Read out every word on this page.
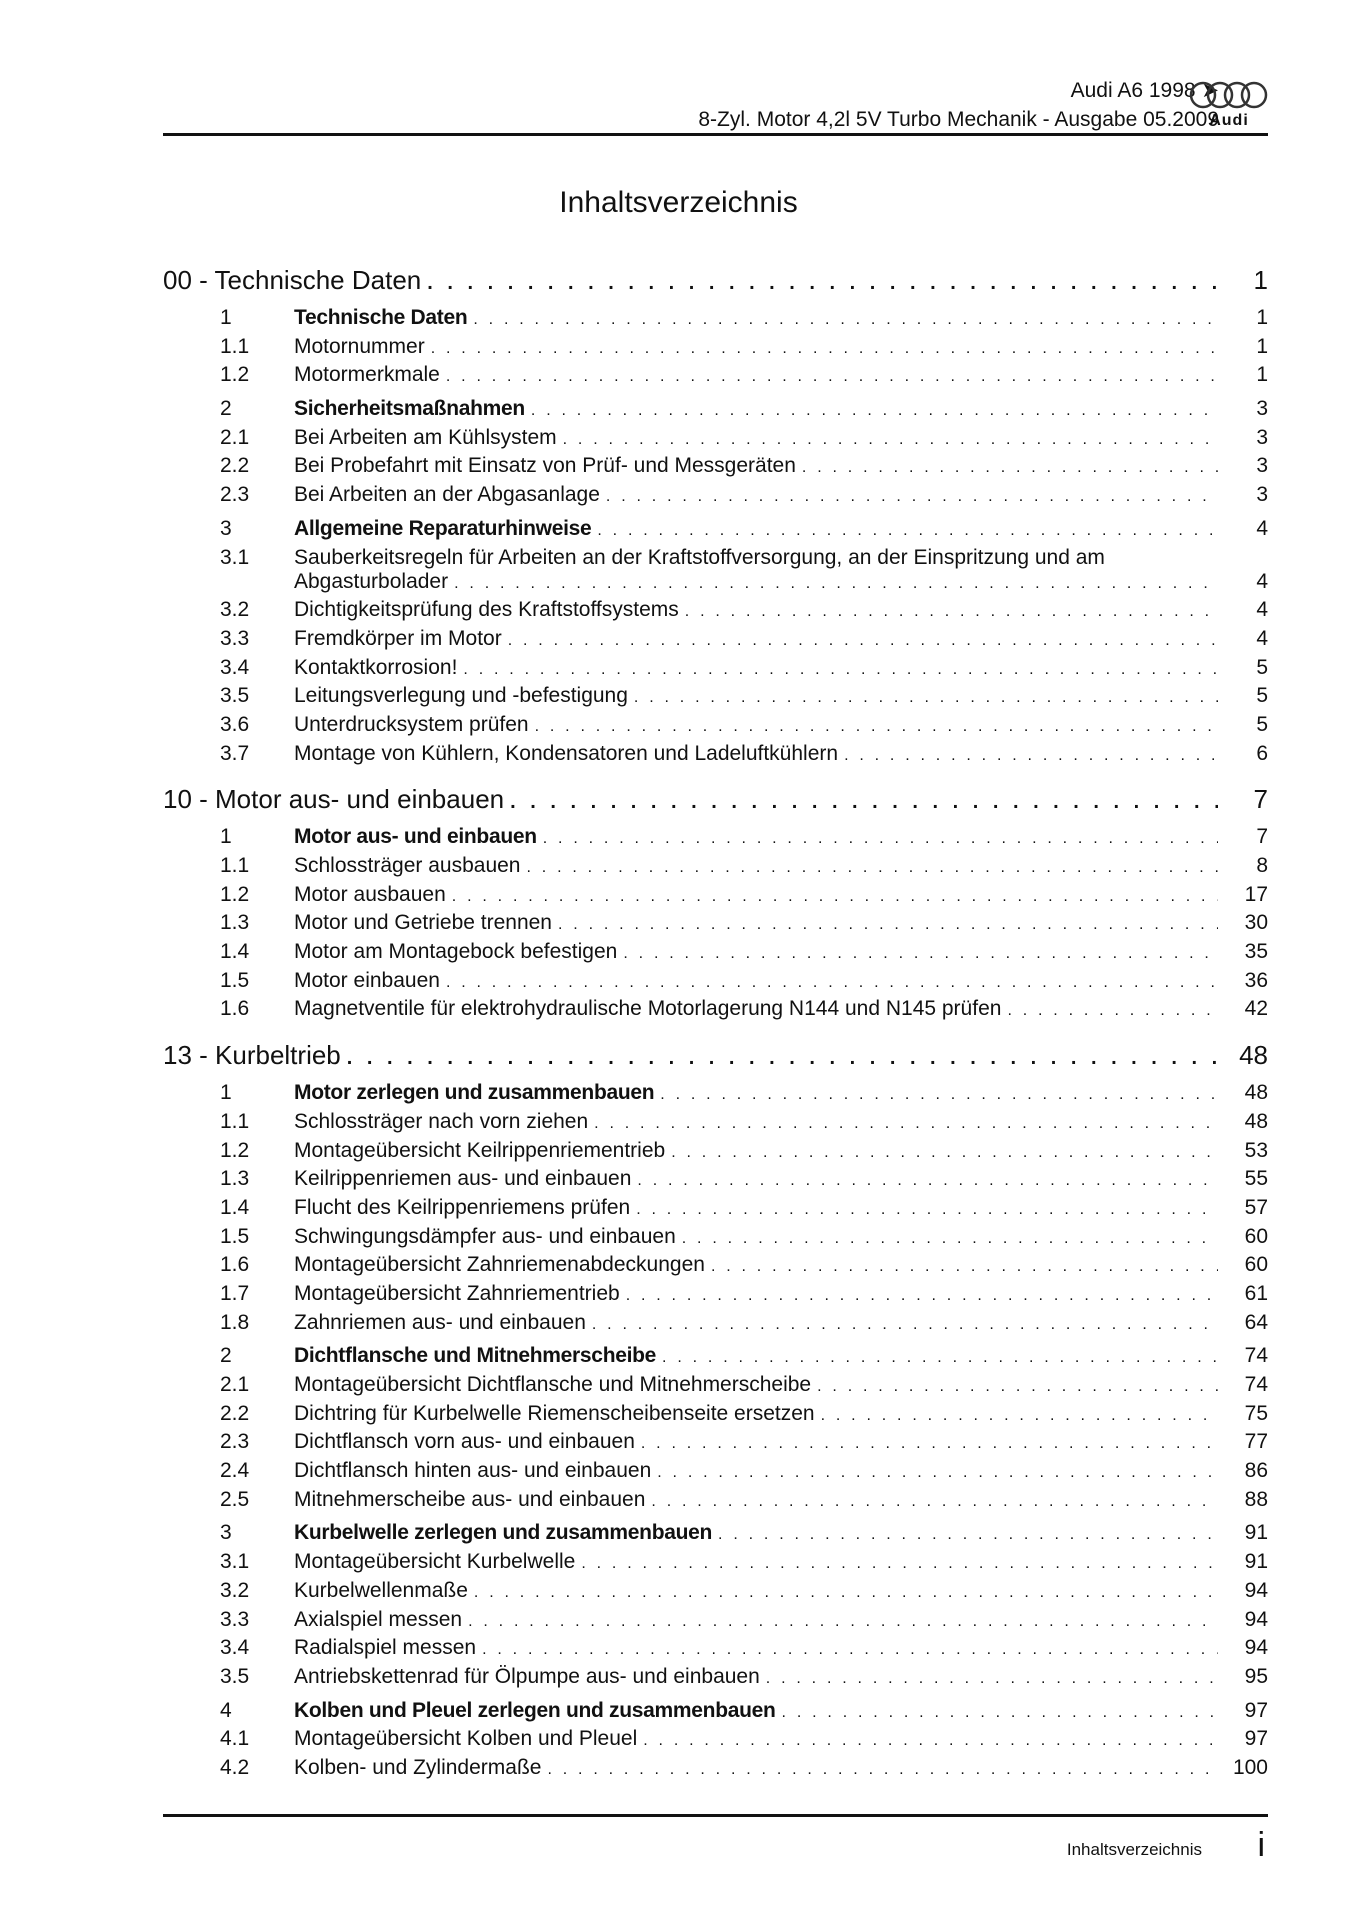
Audi A6 1998 ➤
8-Zyl. Motor 4,2l 5V Turbo Mechanik - Ausgabe 05.2009
Audi
Inhaltsverzeichnis
00 - Technische Daten . . .	1
1	Technische Daten . . .	1
1.1	Motornummer . . .	1
1.2	Motormerkmale . . .	1
2	Sicherheitsmaßnahmen . . .	3
2.1	Bei Arbeiten am Kühlsystem . . .	3
2.2	Bei Probefahrt mit Einsatz von Prüf- und Messgeräten . . .	3
2.3	Bei Arbeiten an der Abgasanlage . . .	3
3	Allgemeine Reparaturhinweise . . .	4
3.1	Sauberkeitsregeln für Arbeiten an der Kraftstoffversorgung, an der Einspritzung und am
Abgasturbolader . . .	4
3.2	Dichtigkeitsprüfung des Kraftstoffsystems . . .	4
3.3	Fremdkörper im Motor . . .	4
3.4	Kontaktkorrosion! . . .	5
3.5	Leitungsverlegung und -befestigung . . .	5
3.6	Unterdrucksystem prüfen . . .	5
3.7	Montage von Kühlern, Kondensatoren und Ladeluftkühlern . . .	6
10 - Motor aus- und einbauen . . .	7
1	Motor aus- und einbauen . . .	7
1.1	Schlossträger ausbauen . . .	8
1.2	Motor ausbauen . . .	17
1.3	Motor und Getriebe trennen . . .	30
1.4	Motor am Montagebock befestigen . . .	35
1.5	Motor einbauen . . .	36
1.6	Magnetventile für elektrohydraulische Motorlagerung N144 und N145 prüfen . . .	42
13 - Kurbeltrieb . . .	48
1	Motor zerlegen und zusammenbauen . . .	48
1.1	Schlossträger nach vorn ziehen . . .	48
1.2	Montageübersicht Keilrippenriementrieb . . .	53
1.3	Keilrippenriemen aus- und einbauen . . .	55
1.4	Flucht des Keilrippenriemens prüfen . . .	57
1.5	Schwingungsdämpfer aus- und einbauen . . .	60
1.6	Montageübersicht Zahnriemenabdeckungen . . .	60
1.7	Montageübersicht Zahnriementrieb . . .	61
1.8	Zahnriemen aus- und einbauen . . .	64
2	Dichtflansche und Mitnehmerscheibe . . .	74
2.1	Montageübersicht Dichtflansche und Mitnehmerscheibe . . .	74
2.2	Dichtring für Kurbelwelle Riemenscheibenseite ersetzen . . .	75
2.3	Dichtflansch vorn aus- und einbauen . . .	77
2.4	Dichtflansch hinten aus- und einbauen . . .	86
2.5	Mitnehmerscheibe aus- und einbauen . . .	88
3	Kurbelwelle zerlegen und zusammenbauen . . .	91
3.1	Montageübersicht Kurbelwelle . . .	91
3.2	Kurbelwellenmaße . . .	94
3.3	Axialspiel messen . . .	94
3.4	Radialspiel messen . . .	94
3.5	Antriebskettenrad für Ölpumpe aus- und einbauen . . .	95
4	Kolben und Pleuel zerlegen und zusammenbauen . . .	97
4.1	Montageübersicht Kolben und Pleuel . . .	97
4.2	Kolben- und Zylindermaße . . .	100
Inhaltsverzeichnis i
